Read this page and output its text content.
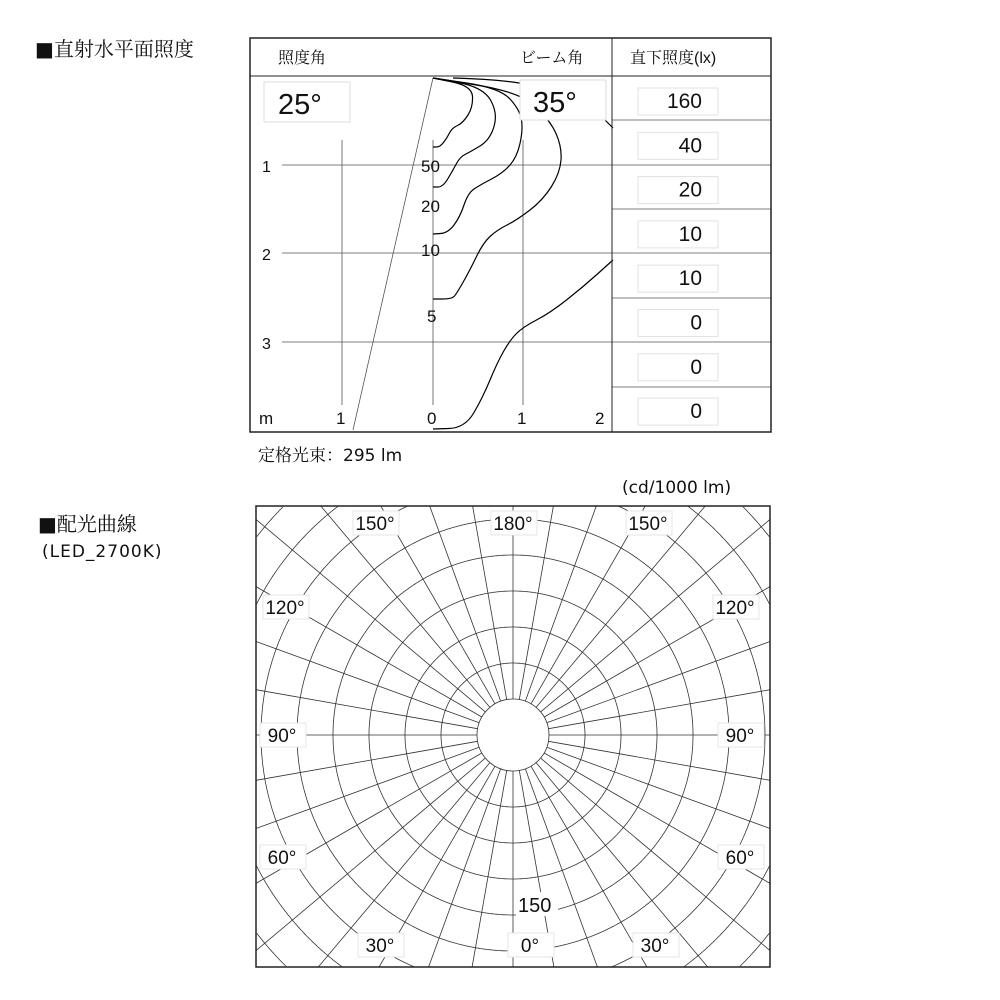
■直射水平面照度	照度角	ビーム角	直下照度(lx)
25°	35°
1
2
3
m	1	0	1	2
50
20
10
5
160
40
20
10
10
0
0
0
定格光束：295 lm
(cd/1000 lm)
■配光曲線
(LED_2700K)
150°	180°	150°
120°	120°
90°	90°
60°	60°
30°	0°	30°
150
